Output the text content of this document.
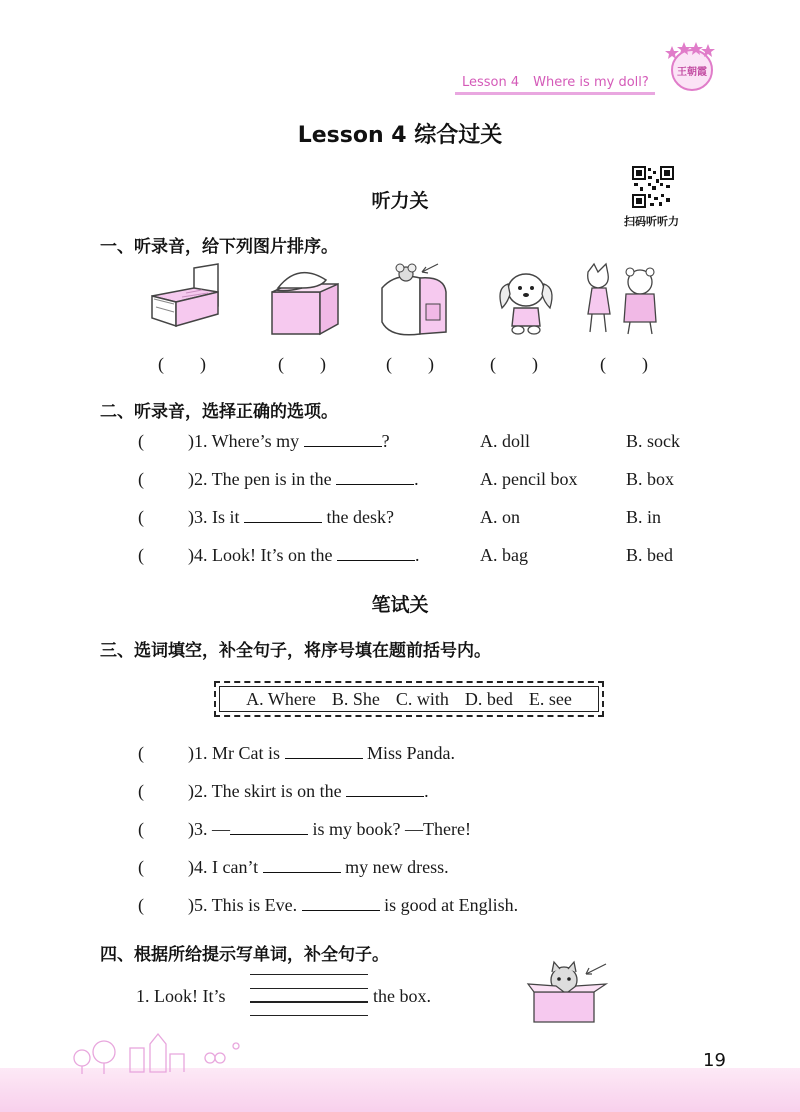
王朝霞
Lesson 4 Where is my doll?
Lesson 4 综合过关
听力关
扫码听听力
一、听录音，给下列图片排序。
(　　)	(　　)	(　　)	(　　)	(　　)
二、听录音，选择正确的选项。
( )1. Where’s my	?	A. doll	B. sock
( )2. The pen is in the	.	A. pencil box	B. box
( )3. Is it	the desk?	A. on	B. in
( )4. Look! It’s on the	.	A. bag	B. bed
笔试关
三、选词填空，补全句子，将序号填在题前括号内。
A. Where B. She C. with D. bed E. see
( )1. Mr Cat is	Miss Panda.
( )2. The skirt is on the	.
( )3. —	is my book? —There!
( )4. I can’t	my new dress.
( )5. This is Eve.	is good at English.
四、根据所给提示写单词，补全句子。
1. Look! It’s	the box.
19
